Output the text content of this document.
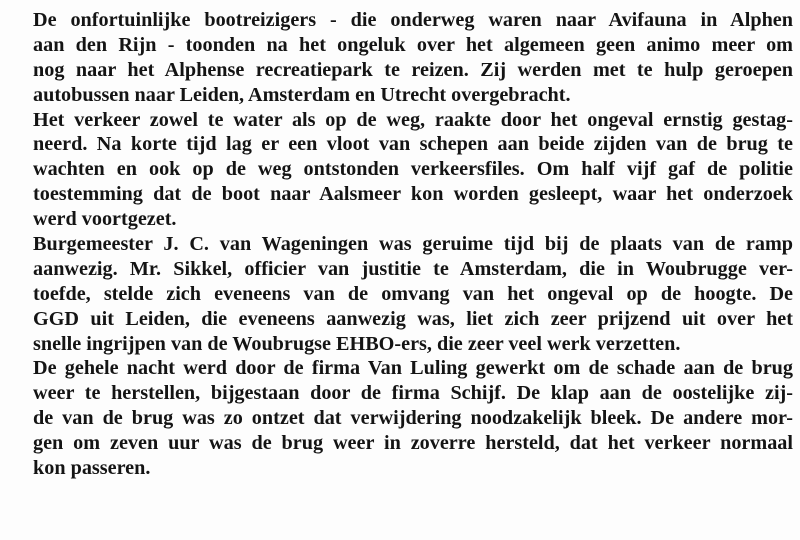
De onfortuinlijke bootreizigers - die onderweg waren naar Avifauna in Alphen
aan den Rijn - toonden na het ongeluk over het algemeen geen animo meer om
nog naar het Alphense recreatiepark te reizen. Zij werden met te hulp geroepen
autobussen naar Leiden, Amsterdam en Utrecht overgebracht.
Het verkeer zowel te water als op de weg, raakte door het ongeval ernstig gestag-
neerd. Na korte tijd lag er een vloot van schepen aan beide zijden van de brug te
wachten en ook op de weg ontstonden verkeersfiles. Om half vijf gaf de politie
toestemming dat de boot naar Aalsmeer kon worden gesleept, waar het onderzoek
werd voortgezet.
Burgemeester J. C. van Wageningen was geruime tijd bij de plaats van de ramp
aanwezig. Mr. Sikkel, officier van justitie te Amsterdam, die in Woubrugge ver-
toefde, stelde zich eveneens van de omvang van het ongeval op de hoogte. De
GGD uit Leiden, die eveneens aanwezig was, liet zich zeer prijzend uit over het
snelle ingrijpen van de Woubrugse EHBO-ers, die zeer veel werk verzetten.
De gehele nacht werd door de firma Van Luling gewerkt om de schade aan de brug
weer te herstellen, bijgestaan door de firma Schijf. De klap aan de oostelijke zij-
de van de brug was zo ontzet dat verwijdering noodzakelijk bleek. De andere mor-
gen om zeven uur was de brug weer in zoverre hersteld, dat het verkeer normaal
kon passeren.
